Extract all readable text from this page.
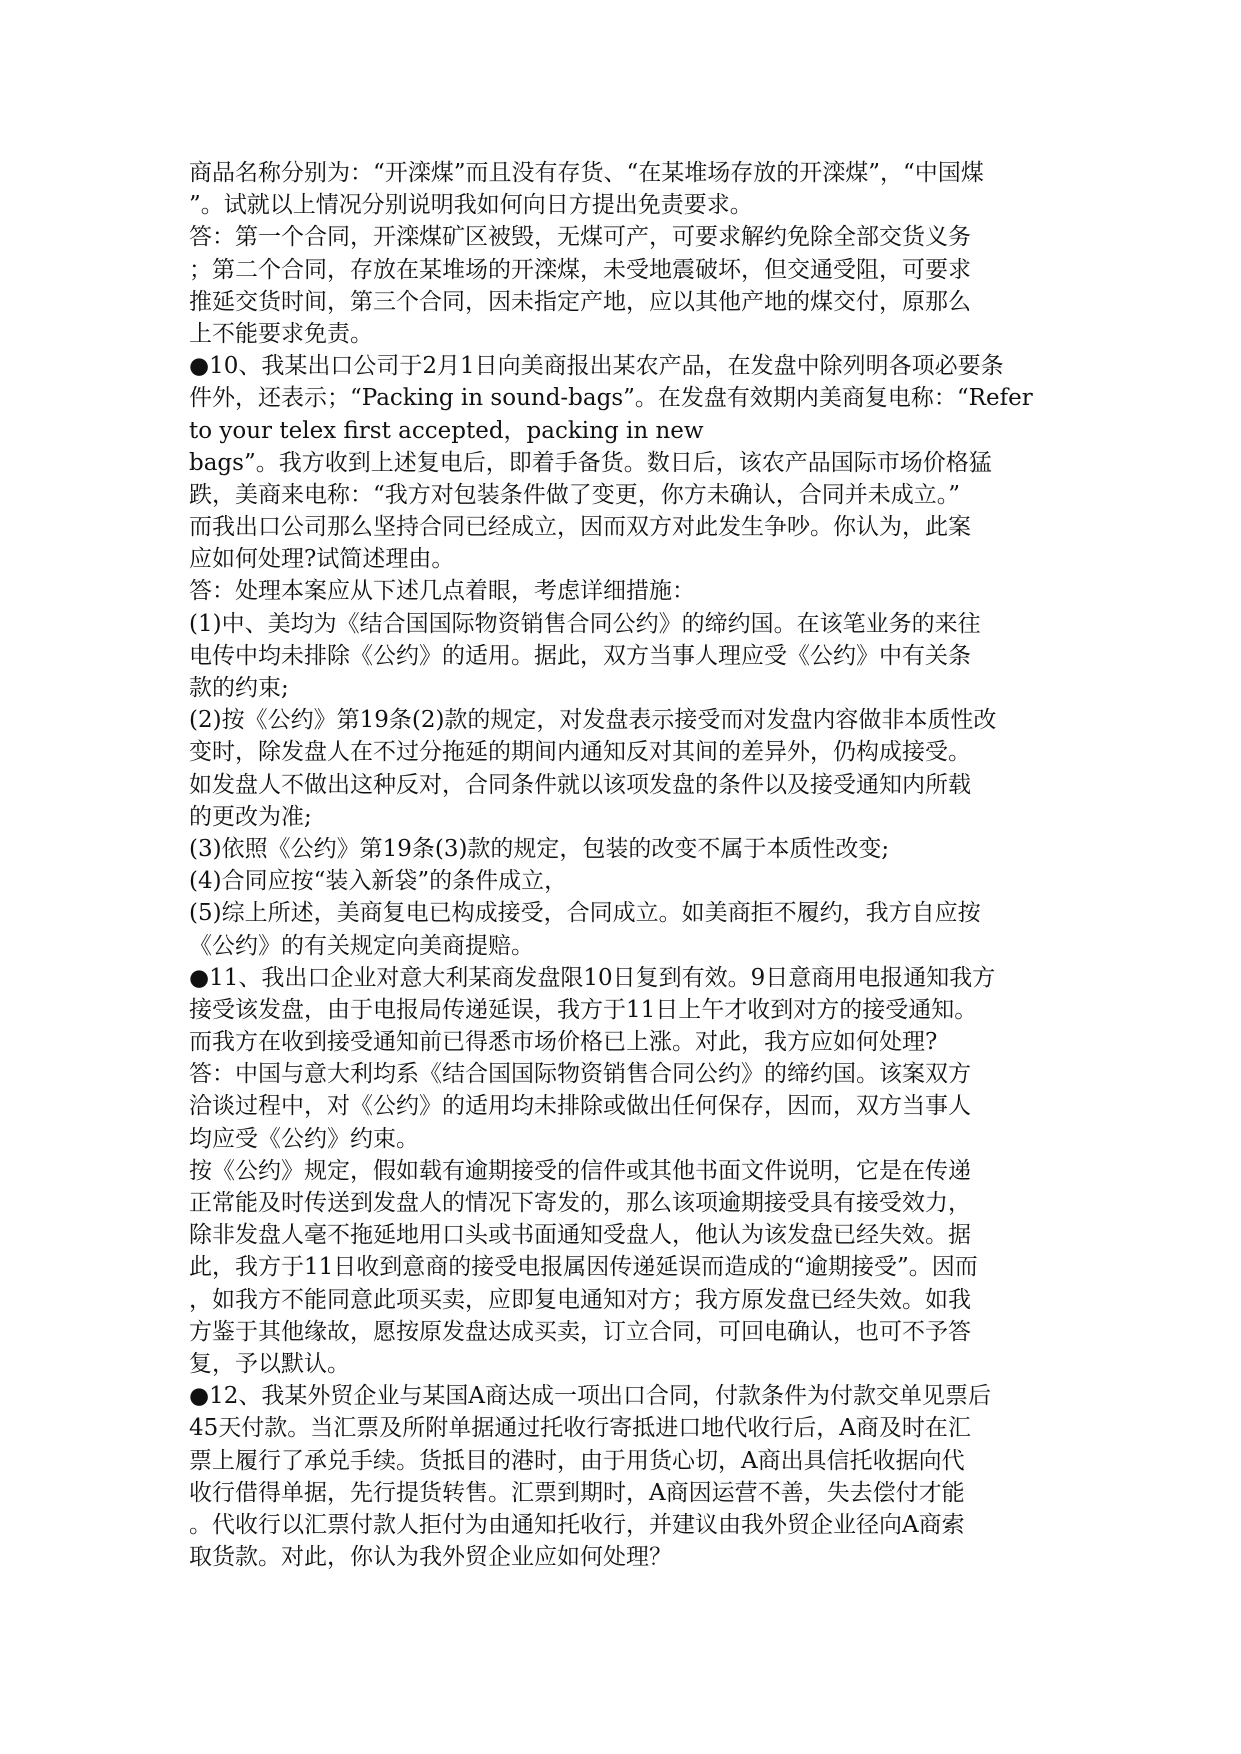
商品名称分别为：“开滦煤”而且没有存货、“在某堆场存放的开滦煤”，“中国煤
”。试就以上情况分别说明我如何向日方提出免责要求。
答：第一个合同，开滦煤矿区被毁，无煤可产，可要求解约免除全部交货义务
；第二个合同，存放在某堆场的开滦煤，未受地震破坏，但交通受阻，可要求
推延交货时间，第三个合同，因未指定产地，应以其他产地的煤交付，原那么
上不能要求免责。
●10、我某出口公司于2月1日向美商报出某农产品，在发盘中除列明各项必要条
件外，还表示；“Packing in sound-bags”。在发盘有效期内美商复电称：“Refer
to your telex first accepted，packing in new
bags”。我方收到上述复电后，即着手备货。数日后，该农产品国际市场价格猛
跌，美商来电称：“我方对包装条件做了变更，你方未确认，合同并未成立。”
而我出口公司那么坚持合同已经成立，因而双方对此发生争吵。你认为，此案
应如何处理?试简述理由。
答：处理本案应从下述几点着眼，考虑详细措施：
(1)中、美均为《结合国国际物资销售合同公约》的缔约国。在该笔业务的来往
电传中均未排除《公约》的适用。据此，双方当事人理应受《公约》中有关条
款的约束;
(2)按《公约》第19条(2)款的规定，对发盘表示接受而对发盘内容做非本质性改
变时，除发盘人在不过分拖延的期间内通知反对其间的差异外，仍构成接受。
如发盘人不做出这种反对，合同条件就以该项发盘的条件以及接受通知内所载
的更改为准;
(3)依照《公约》第19条(3)款的规定，包装的改变不属于本质性改变;
(4)合同应按“装入新袋”的条件成立，
(5)综上所述，美商复电已构成接受，合同成立。如美商拒不履约，我方自应按
《公约》的有关规定向美商提赔。
●11、我出口企业对意大利某商发盘限10日复到有效。9日意商用电报通知我方
接受该发盘，由于电报局传递延误，我方于11日上午才收到对方的接受通知。
而我方在收到接受通知前已得悉市场价格已上涨。对此，我方应如何处理?
答：中国与意大利均系《结合国国际物资销售合同公约》的缔约国。该案双方
洽谈过程中，对《公约》的适用均未排除或做出任何保存，因而，双方当事人
均应受《公约》约束。
按《公约》规定，假如载有逾期接受的信件或其他书面文件说明，它是在传递
正常能及时传送到发盘人的情况下寄发的，那么该项逾期接受具有接受效力，
除非发盘人毫不拖延地用口头或书面通知受盘人，他认为该发盘已经失效。据
此，我方于11日收到意商的接受电报属因传递延误而造成的“逾期接受”。因而
，如我方不能同意此项买卖，应即复电通知对方；我方原发盘已经失效。如我
方鉴于其他缘故，愿按原发盘达成买卖，订立合同，可回电确认，也可不予答
复，予以默认。
●12、我某外贸企业与某国A商达成一项出口合同，付款条件为付款交单见票后
45天付款。当汇票及所附单据通过托收行寄抵进口地代收行后，A商及时在汇
票上履行了承兑手续。货抵目的港时，由于用货心切，A商出具信托收据向代
收行借得单据，先行提货转售。汇票到期时，A商因运营不善，失去偿付才能
。代收行以汇票付款人拒付为由通知托收行，并建议由我外贸企业径向A商索
取货款。对此，你认为我外贸企业应如何处理？
